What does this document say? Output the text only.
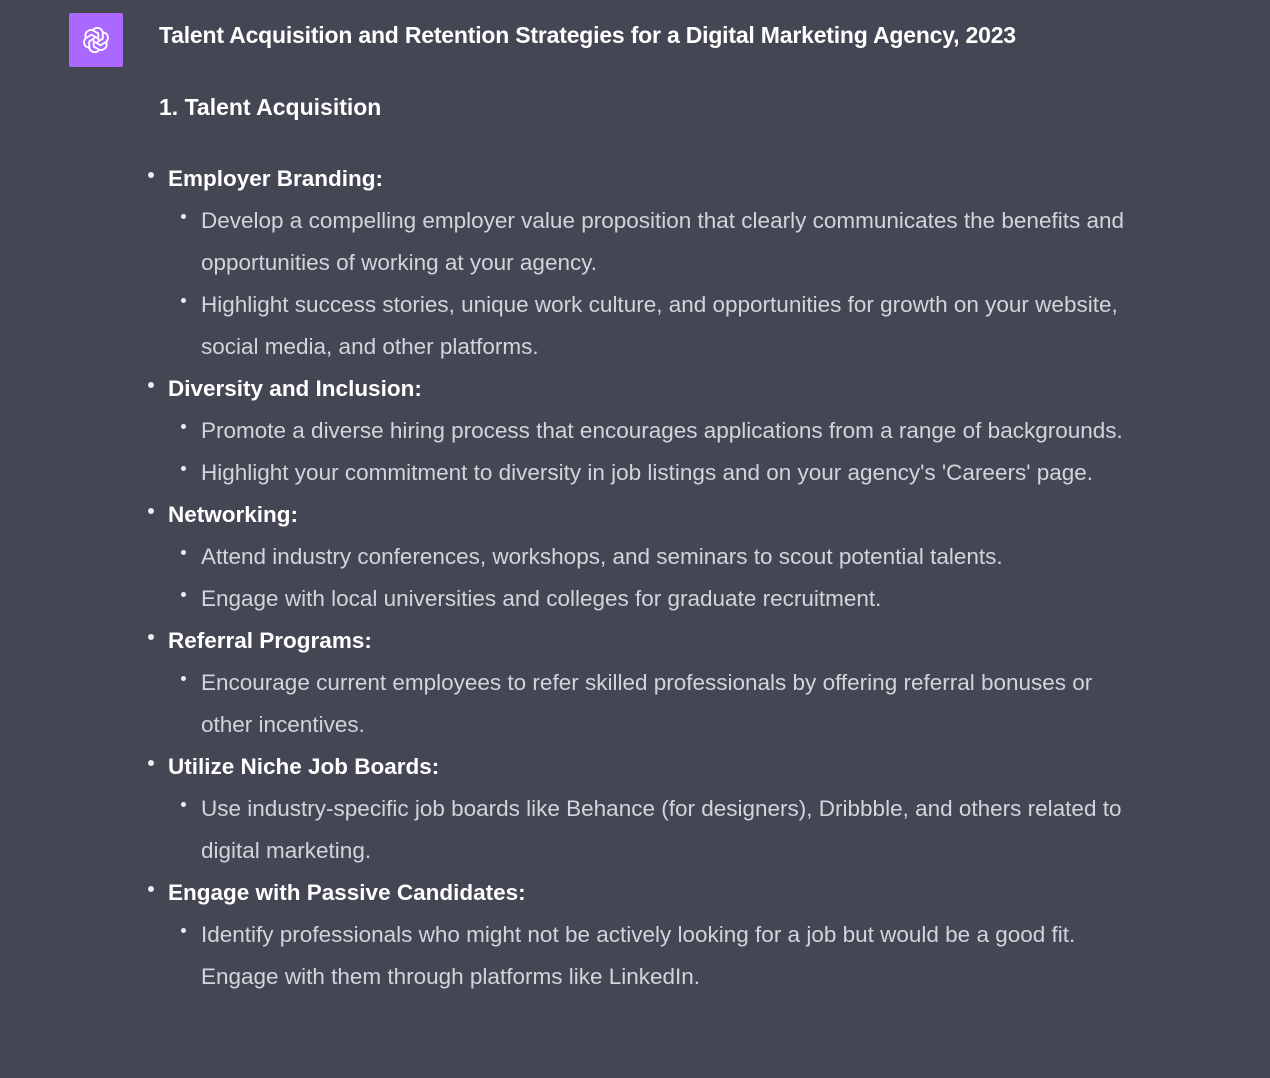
Talent Acquisition and Retention Strategies for a Digital Marketing Agency, 2023
1. Talent Acquisition
Employer Branding:
Develop a compelling employer value proposition that clearly communicates the benefits and opportunities of working at your agency.
Highlight success stories, unique work culture, and opportunities for growth on your website, social media, and other platforms.
Diversity and Inclusion:
Promote a diverse hiring process that encourages applications from a range of backgrounds.
Highlight your commitment to diversity in job listings and on your agency's 'Careers' page.
Networking:
Attend industry conferences, workshops, and seminars to scout potential talents.
Engage with local universities and colleges for graduate recruitment.
Referral Programs:
Encourage current employees to refer skilled professionals by offering referral bonuses or other incentives.
Utilize Niche Job Boards:
Use industry-specific job boards like Behance (for designers), Dribbble, and others related to digital marketing.
Engage with Passive Candidates:
Identify professionals who might not be actively looking for a job but would be a good fit. Engage with them through platforms like LinkedIn.
